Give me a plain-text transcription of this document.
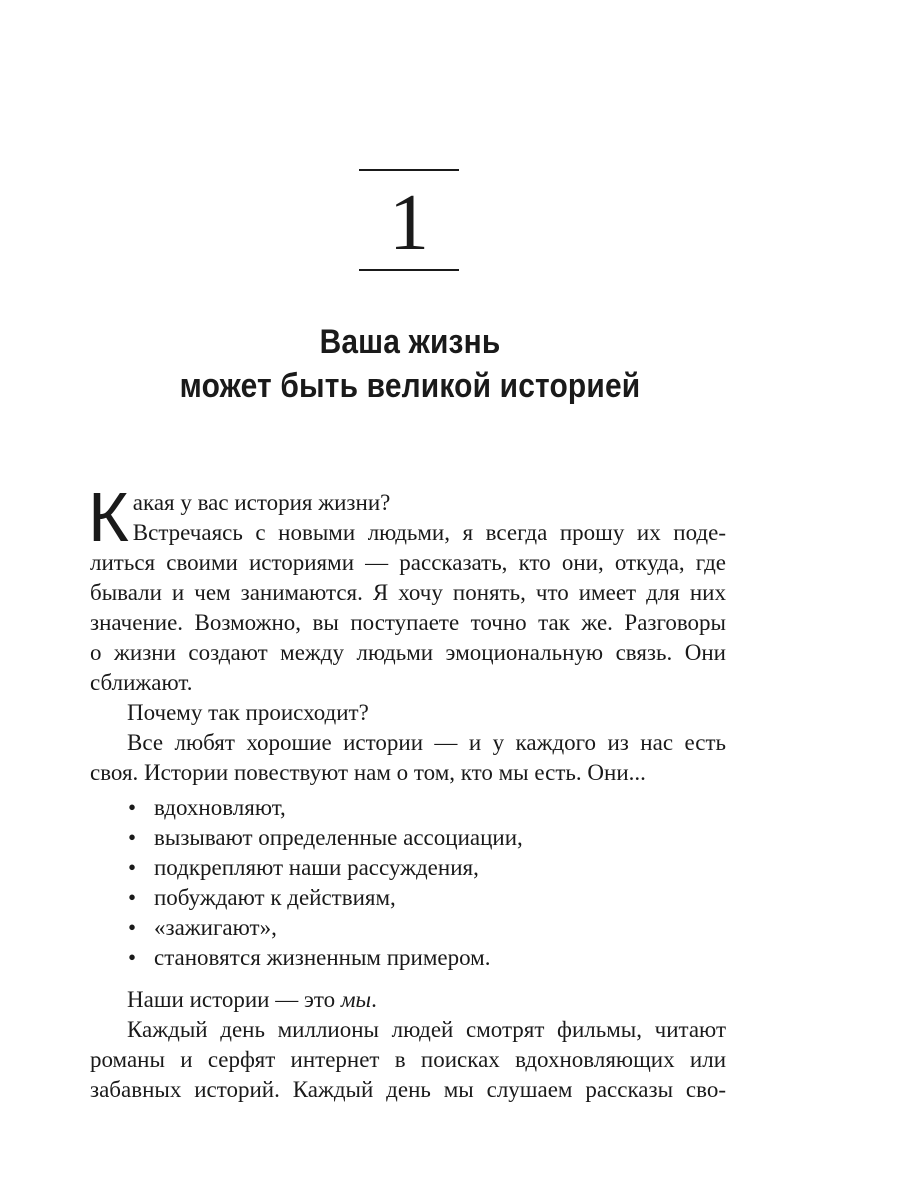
1
Ваша жизнь
может быть великой историей
К акая у вас история жизни?
Встречаясь с новыми людьми, я всегда прошу их поде-
литься своими историями — рассказать, кто они, откуда, где
бывали и чем занимаются. Я хочу понять, что имеет для них
значение. Возможно, вы поступаете точно так же. Разговоры
о жизни создают между людьми эмоциональную связь. Они
сближают.
Почему так происходит?
Все любят хорошие истории — и у каждого из нас есть
своя. Истории повествуют нам о том, кто мы есть. Они...
• вдохновляют,
• вызывают определенные ассоциации,
• подкрепляют наши рассуждения,
• побуждают к действиям,
• «зажигают»,
• становятся жизненным примером.
Наши истории — это мы.
Каждый день миллионы людей смотрят фильмы, читают
романы и серфят интернет в поисках вдохновляющих или
забавных историй. Каждый день мы слушаем рассказы сво-
